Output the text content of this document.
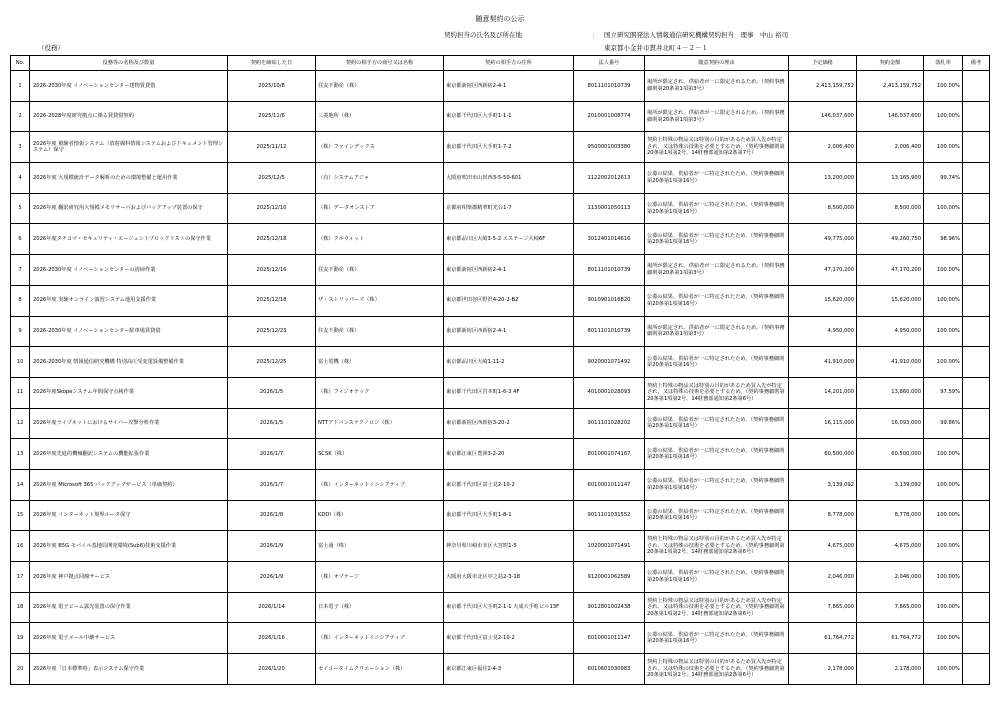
随意契約の公示
契約担当の氏名及び所在地	： 国立研究開発法人情報通信研究機構契約担当　理事　中山 裕司
（役務）	東京都小金井市貫井北町４－２－１
No.	役務等の名称及び数量	契約を締結した日	契約の相手方の商号又は名称	契約の相手方の住所	法人番号	随意契約の理由	予定価格	契約金額	落札率	備考
1	2026-2030年度 イノベーションセンター建物賃貸借	2025/10/8	住友不動産（株）	東京都新宿区西新宿2-4-1	8011101010739	場所が限定され、供給者が一に限定されるため。（契約事務細則第20条第1項第3号）	2,413,159,752	2,413,159,752	100.00%	
2	2026-2028年度研究拠点に係る賃貸借契約	2025/11/6	三菱地所（株）	東京都千代田区大手町1-1-1	2010001008774	場所が限定され、供給者が一に限定されるため。（契約事務細則第20条第1項第3号）	146,037,600	146,037,600	100.00%	
3	2026年度 被験者情報システム（放射線科情報システムおよびドキュメント管理システム）保守	2025/11/12	（株）ファインデックス	東京都千代田区大手町1-7-2	9500001003380	契約上特殊の物品又は特別の目的があるため買入先が特定され、又は特殊の技術を必要とするため。（契約事務細則第20条第1項第2号、14財務部通知第2条第7号）	2,006,400	2,006,400	100.00%	
4	2026年度 大規模統計データ解析のための環境整備と運用作業	2025/12/5	（有）システムアジャ	大阪府吹田市山田西3-5-50-601	1122002012613	公募の結果、供給者が一に特定されたため。（契約事務細則第20条第1項第16号）	13,200,000	13,165,900	99.74%	
5	2026年度 翻訳研究用大規模メモリサーバおよびバックアップ装置の保守	2025/12/10	（株）データオンストア	京都府相楽郡精華町光台1-7	1130001050113	公募の結果、供給者が一に特定されたため。（契約事務細則第20条第1項第16号）	8,500,000	8,500,000	100.00%	
6	2026年度タチコマ・セキュリティ・エージェントブロックリストの保守作業	2025/12/18	（株）クルウィット	東京都品川区大崎3-5-2 エステージ大崎6F	3012401014616	公募の結果、供給者が一に特定されたため。（契約事務細則第20条第1項第16号）	49,775,000	49,260,750	98.96%	
7	2026-2030年度 イノベーションセンターの清掃作業	2025/12/16	住友不動産（株）	東京都新宿区西新宿2-4-1	8011101010739	場所が限定され、供給者が一に限定されるため。（契約事務細則第20条第1項第3号）	47,170,200	47,170,200	100.00%	
8	2026年度 実験オンライン演習システム運用支援作業	2025/12/18	ザ・ストリッパーズ（株）	東京都世田谷区野沢4-20-2-B2	9010901016820	公募の結果、供給者が一に特定されたため。（契約事務細則第20条第1項第16号）	15,620,000	15,620,000	100.00%	
9	2026-2030年度 イノベーションセンター駐車場賃貸借	2025/12/23	住友不動産（株）	東京都新宿区西新宿2-4-1	8011101010739	場所が限定され、供給者が一に限定されるため。（契約事務細則第20条第1項第3号）	4,950,000	4,950,000	100.00%	
10	2026-2030年度 情報通信研究機構 特別高圧受変電設備整備作業	2025/12/25	富士電機（株）	東京都品川区大崎1-11-2	9020001071492	公募の結果、供給者が一に特定されたため。（契約事務細則第20条第1項第16号）	41,910,000	41,910,000	100.00%	
11	2026年度Skopeシステム年間保守点検作業	2026/1/5	（株）フィジオテック	東京都千代田区岩本町1-6-3 4F	4010001028093	契約上特殊の物品又は特別の目的があるため買入先が特定され、又は特殊の技術を必要とするため。（契約事務細則第20条第1項第2号、14財務部通知第2条第6号）	14,201,000	13,860,000	97.59%	
12	2026年度ライブネットにおけるサイバー攻撃分析作業	2026/1/5	NTTアドバンステクノロジ（株）	東京都新宿区西新宿3-20-2	9011101028202	公募の結果、供給者が一に特定されたため。（契約事務細則第20条第1項第16号）	16,115,000	16,093,000	99.86%	
13	2026年度先進的機械翻訳システムの機能拡張作業	2026/1/7	SCSK（株）	東京都江東区豊洲3-2-20	8010001074167	公募の結果、供給者が一に特定されたため。（契約事務細則第20条第1項第16号）	60,500,000	60,500,000	100.00%	
14	2026年度 Microsoft 365 バックアップサービス（単価契約）	2026/1/7	（株）インターネットイニシアティブ	東京都千代田区富士見2-10-2	6010001011147	公募の結果、供給者が一に特定されたため。（契約事務細則第20条第1項第16号）	3,139,092	3,139,092	100.00%	
15	2026年度 インターネット境界ルータ保守	2026/1/8	KDDI（株）	東京都千代田区大手町1-8-1	9011101031552	公募の結果、供給者が一に特定されたため。（契約事務細則第20条第1項第16号）	8,778,000	8,778,000	100.00%	
16	2026年度 B5G モバイル基地局開発環境(Sub6)技術支援作業	2026/1/9	富士通（株）	神奈川県川崎市幸区大宮町1-5	1020001071491	契約上特殊の物品又は特別の目的があるため買入先が特定され、又は特殊の技術を必要とするため。（契約事務細則第20条第1項第2号、14財務部通知第2条第6号）	4,675,000	4,675,000	100.00%	
17	2026年度 神戸拠点回線サービス	2026/1/9	（株）オプテージ	大阪府大阪市北区中之島2-3-18	9120001062589	公募の結果、供給者が一に特定されたため。（契約事務細則第20条第1項第16号）	2,046,000	2,046,000	100.00%	
18	2026年度 電子ビーム露光装置の保守作業	2026/1/14	日本電子（株）	東京都千代田区大手町2-1-1 大成大手町ビル13F	9012801002438	契約上特殊の物品又は特別の目的があるため買入先が特定され、又は特殊の技術を必要とするため。（契約事務細則第20条第1項第2号、14財務部通知第2条第6号）	7,865,000	7,865,000	100.00%	
19	2026年度 電子メール中継サービス	2026/1/16	（株）インターネットイニシアティブ	東京都千代田区富士見2-10-2	6010001011147	公募の結果、供給者が一に特定されたため。（契約事務細則第20条第1項第16号）	61,764,772	61,764,772	100.00%	
20	2026年度「日本標準時」表示システム保守作業	2026/1/20	セイコータイムクリエーション（株）	東京都江東区福住2-4-3	6010601030983	契約上特殊の物品又は特別の目的があるため買入先が特定され、又は特殊の技術を必要とするため。（契約事務細則第20条第1項第2号、14財務部通知第2条第6号）	2,178,000	2,178,000	100.00%	
